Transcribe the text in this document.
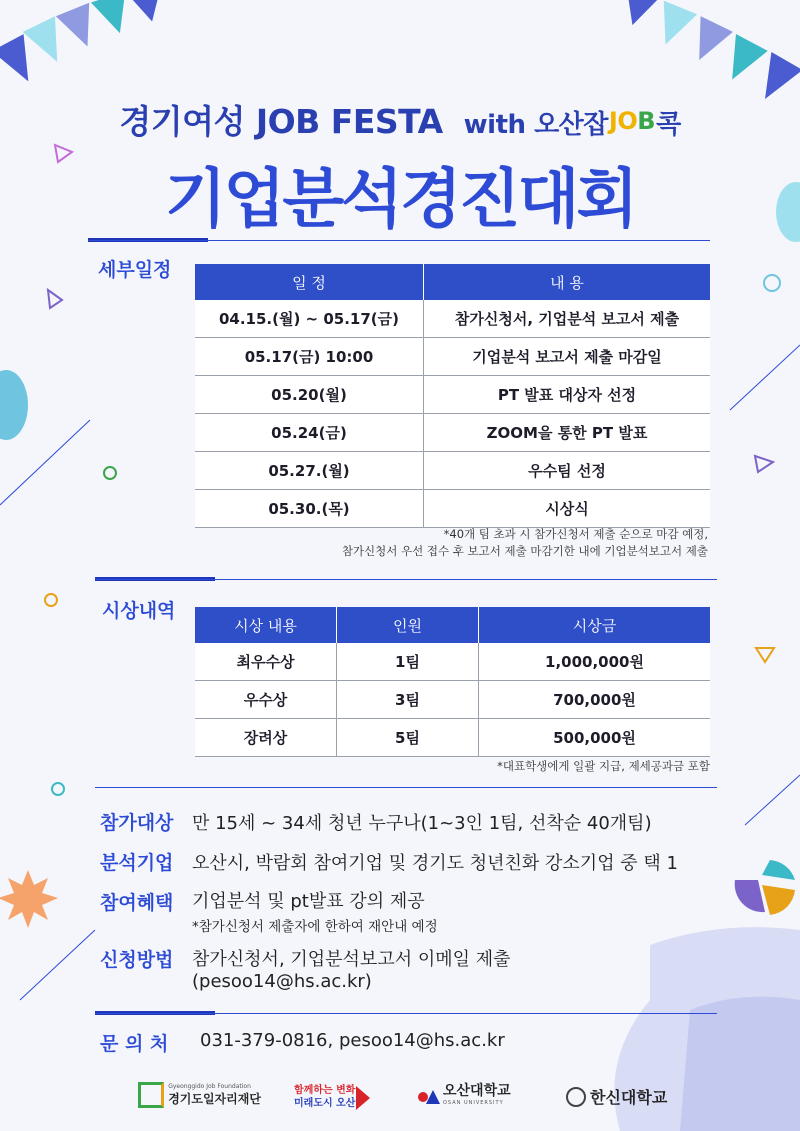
경기여성 JOB FESTA with 오산잡JOB콕
기업분석경진대회
세부일정
일 정	내 용
04.15.(월) ~ 05.17(금)	참가신청서, 기업분석 보고서 제출
05.17(금) 10:00	기업분석 보고서 제출 마감일
05.20(월)	PT 발표 대상자 선정
05.24(금)	ZOOM을 통한 PT 발표
05.27.(월)	우수팀 선정
05.30.(목)	시상식
*40개 팀 초과 시 참가신청서 제출 순으로 마감 예정,
참가신청서 우선 접수 후 보고서 제출 마감기한 내에 기업분석보고서 제출
시상내역
시상 내용	인원	시상금
최우수상	1팀	1,000,000원
우수상	3팀	700,000원
장려상	5팀	500,000원
*대표학생에게 일괄 지급, 제세공과금 포함
참가대상 만 15세 ~ 34세 청년 누구나(1~3인 1팀, 선착순 40개팀)
분석기업 오산시, 박람회 참여기업 및 경기도 청년친화 강소기업 중 택 1
참여혜택 기업분석 및 pt발표 강의 제공
*참가신청서 제출자에 한하여 재안내 예정
신청방법 참가신청서, 기업분석보고서 이메일 제출
(pesoo14@hs.ac.kr)
문 의 처 031-379-0816, pesoo14@hs.ac.kr

Gyeonggido Job Foundation
경기도일자리재단
함께하는 변화
미래도시 오산
오산대학교
OSAN UNIVERSITY	한신대학교
